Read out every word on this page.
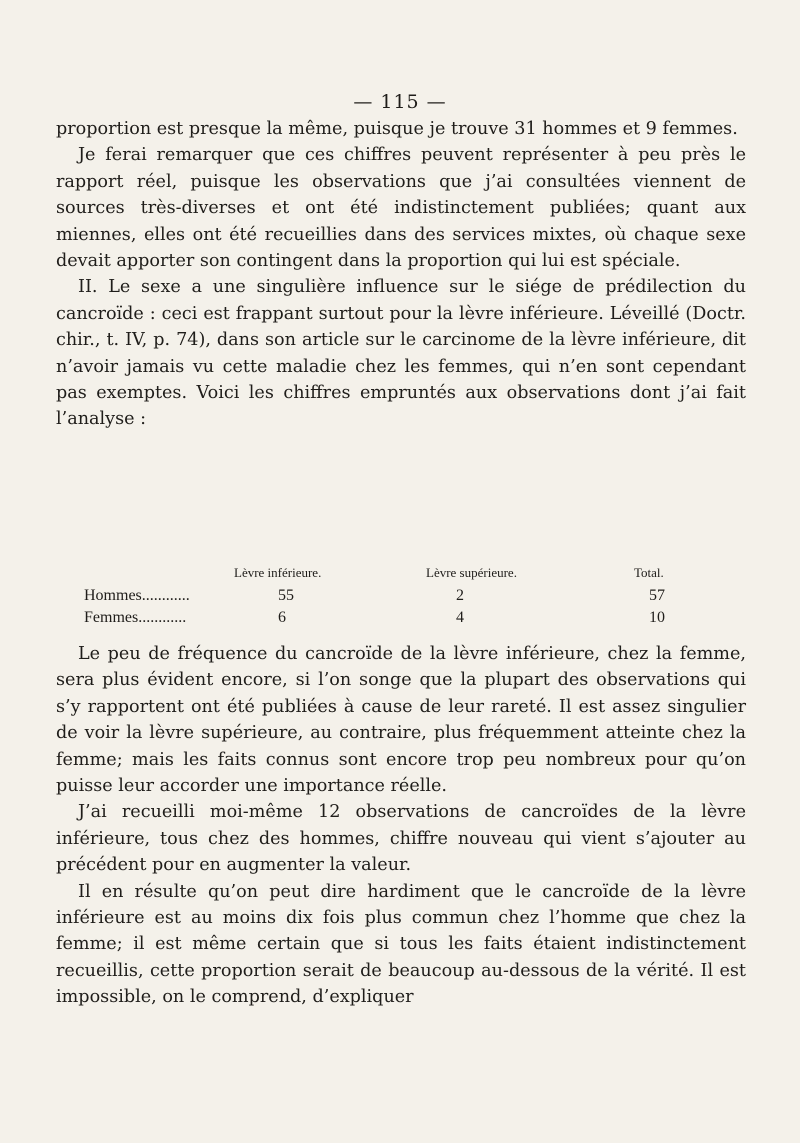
— 115 —

proportion est presque la même, puisque je trouve 31 hommes et 9 femmes.

Je ferai remarquer que ces chiffres peuvent représenter à peu près le rapport réel, puisque les observations que j’ai consultées viennent de sources très-diverses et ont été indistinctement publiées; quant aux miennes, elles ont été recueillies dans des services mixtes, où chaque sexe devait apporter son contingent dans la proportion qui lui est spéciale.

II. Le sexe a une singulière influence sur le siége de prédilection du cancroïde : ceci est frappant surtout pour la lèvre inférieure. Léveillé (Doctr. chir., t. IV, p. 74), dans son article sur le carcinome de la lèvre inférieure, dit n’avoir jamais vu cette maladie chez les femmes, qui n’en sont cependant pas exemptes. Voici les chiffres empruntés aux observations dont j’ai fait l’analyse :

Lèvre inférieure.	Lèvre supérieure.	Total.
Hommes............	55	2	57
Femmes............	6	4	10

Le peu de fréquence du cancroïde de la lèvre inférieure, chez la femme, sera plus évident encore, si l’on songe que la plupart des observations qui s’y rapportent ont été publiées à cause de leur rareté. Il est assez singulier de voir la lèvre supérieure, au contraire, plus fréquemment atteinte chez la femme; mais les faits connus sont encore trop peu nombreux pour qu’on puisse leur accorder une importance réelle.

J’ai recueilli moi-même 12 observations de cancroïdes de la lèvre inférieure, tous chez des hommes, chiffre nouveau qui vient s’ajouter au précédent pour en augmenter la valeur.

Il en résulte qu’on peut dire hardiment que le cancroïde de la lèvre inférieure est au moins dix fois plus commun chez l’homme que chez la femme; il est même certain que si tous les faits étaient indistinctement recueillis, cette proportion serait de beaucoup au-dessous de la vérité. Il est impossible, on le comprend, d’expliquer
